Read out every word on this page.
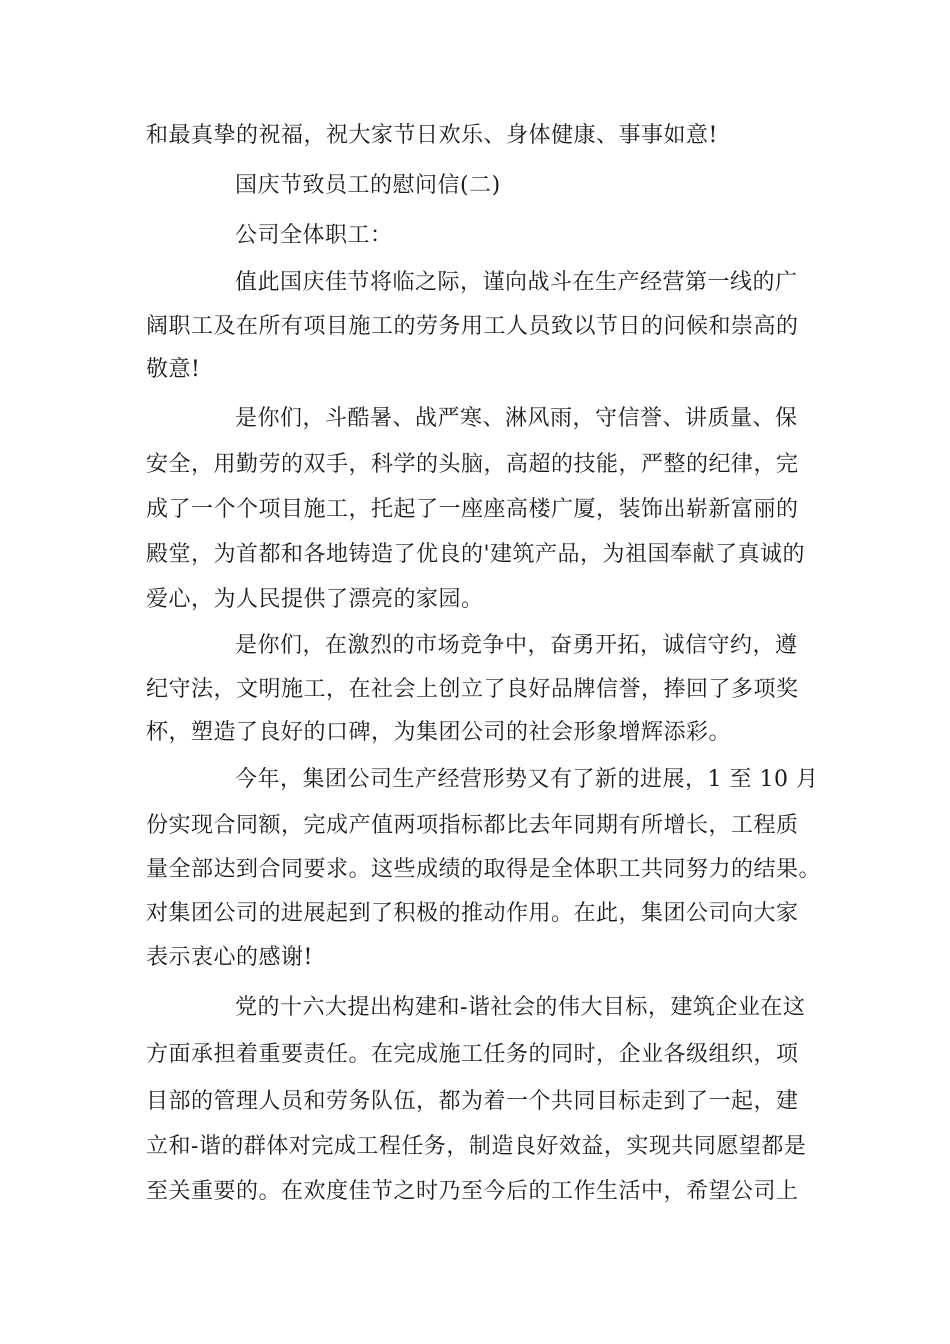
和最真挚的祝福，祝大家节日欢乐、身体健康、事事如意!
国庆节致员工的慰问信(二)
公司全体职工：
值此国庆佳节将临之际，谨向战斗在生产经营第一线的广
阔职工及在所有项目施工的劳务用工人员致以节日的问候和崇高的
敬意!
是你们，斗酷暑、战严寒、淋风雨，守信誉、讲质量、保
安全，用勤劳的双手，科学的头脑，高超的技能，严整的纪律，完
成了一个个项目施工，托起了一座座高楼广厦，装饰出崭新富丽的
殿堂，为首都和各地铸造了优良的'建筑产品，为祖国奉献了真诚的
爱心，为人民提供了漂亮的家园。
是你们，在激烈的市场竞争中，奋勇开拓，诚信守约，遵
纪守法，文明施工，在社会上创立了良好品牌信誉，捧回了多项奖
杯，塑造了良好的口碑，为集团公司的社会形象增辉添彩。
今年，集团公司生产经营形势又有了新的进展，1 至 10 月
份实现合同额，完成产值两项指标都比去年同期有所增长，工程质
量全部达到合同要求。这些成绩的取得是全体职工共同努力的结果。
对集团公司的进展起到了积极的推动作用。在此，集团公司向大家
表示衷心的感谢!
党的十六大提出构建和-谐社会的伟大目标，建筑企业在这
方面承担着重要责任。在完成施工任务的同时，企业各级组织，项
目部的管理人员和劳务队伍，都为着一个共同目标走到了一起，建
立和-谐的群体对完成工程任务，制造良好效益，实现共同愿望都是
至关重要的。在欢度佳节之时乃至今后的工作生活中，希望公司上
